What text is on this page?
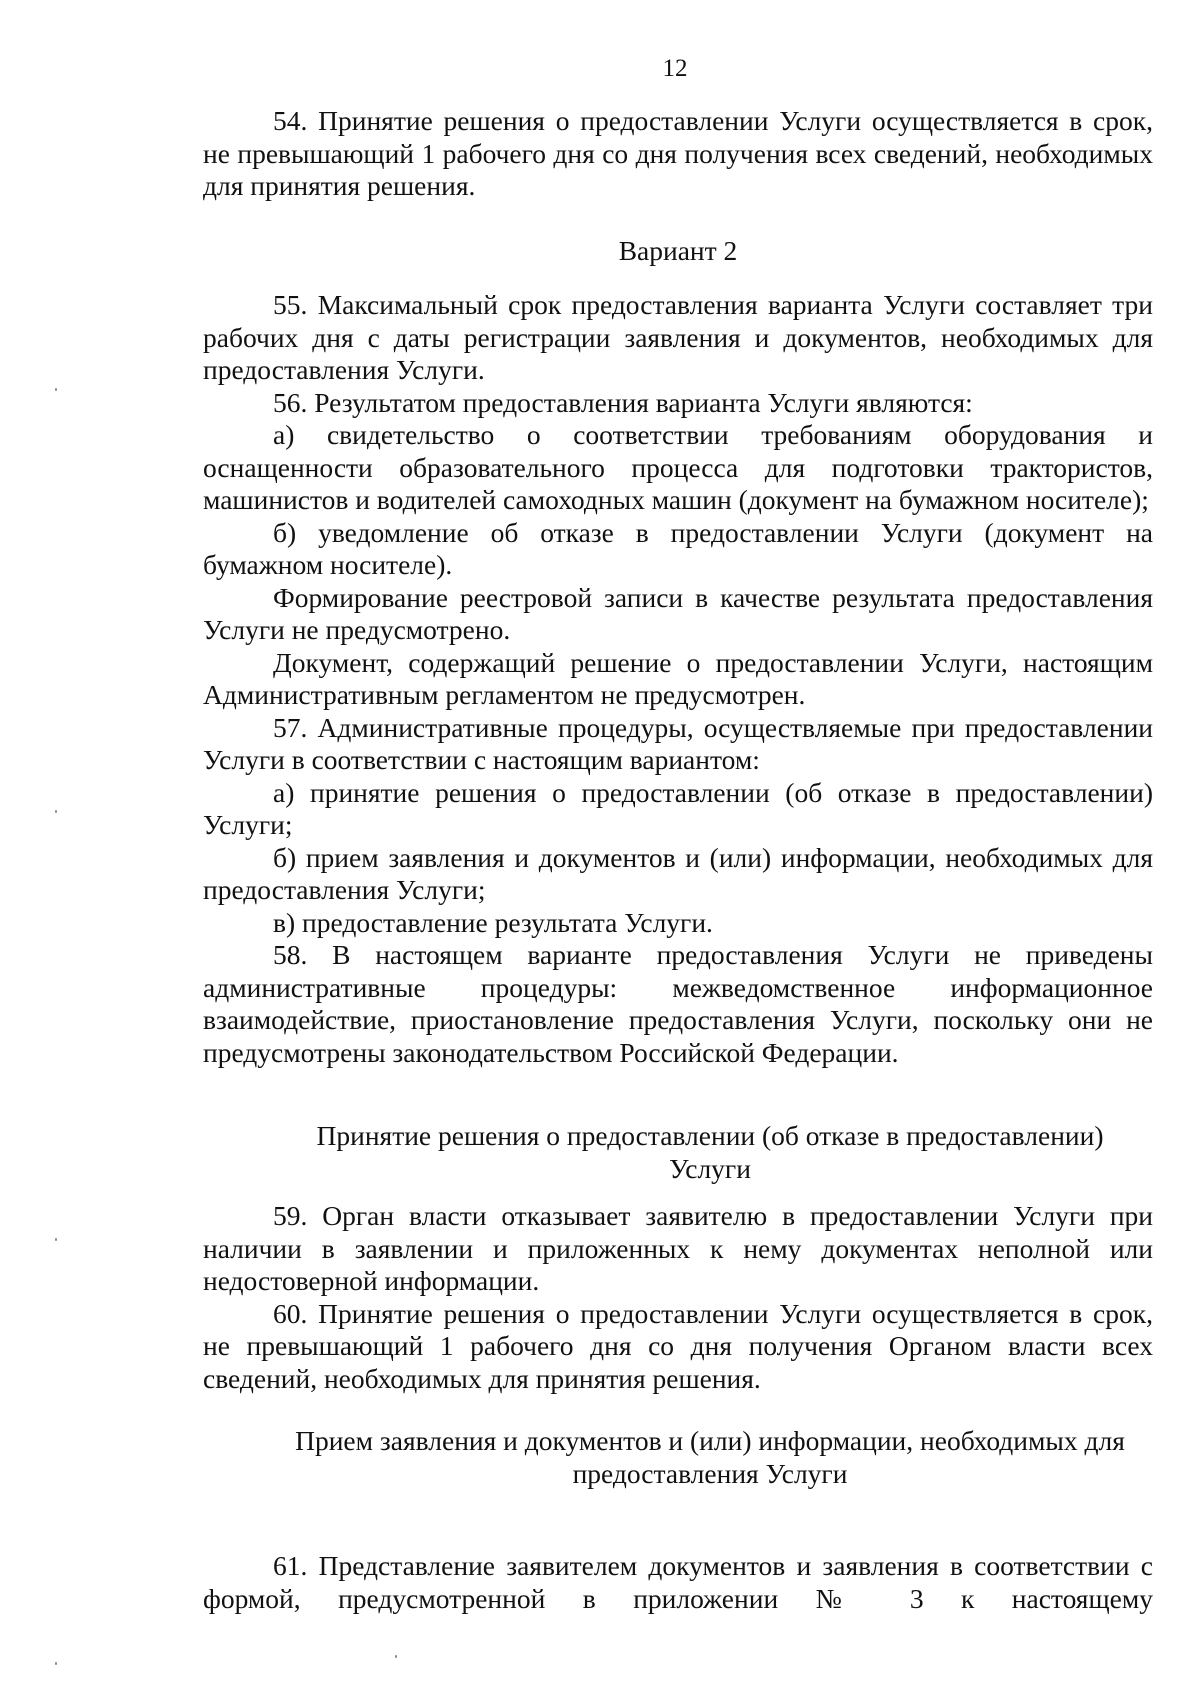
12

54. Принятие решения о предоставлении Услуги осуществляется в срок, не превышающий 1 рабочего дня со дня получения всех сведений, необходимых для принятия решения.

Вариант 2

55. Максимальный срок предоставления варианта Услуги составляет три рабочих дня с даты регистрации заявления и документов, необходимых для предоставления Услуги.

56. Результатом предоставления варианта Услуги являются:

а) свидетельство о соответствии требованиям оборудования и оснащенности образовательного процесса для подготовки трактористов, машинистов и водителей самоходных машин (документ на бумажном носителе);

б) уведомление об отказе в предоставлении Услуги (документ на бумажном носителе).

Формирование реестровой записи в качестве результата предоставления Услуги не предусмотрено.

Документ, содержащий решение о предоставлении Услуги, настоящим Административным регламентом не предусмотрен.

57. Административные процедуры, осуществляемые при предоставлении Услуги в соответствии с настоящим вариантом:

а) принятие решения о предоставлении (об отказе в предоставлении) Услуги;

б) прием заявления и документов и (или) информации, необходимых для предоставления Услуги;

в) предоставление результата Услуги.

58. В настоящем варианте предоставления Услуги не приведены административные процедуры: межведомственное информационное взаимодействие, приостановление предоставления Услуги, поскольку они не предусмотрены законодательством Российской Федерации.

Принятие решения о предоставлении (об отказе в предоставлении) Услуги

59. Орган власти отказывает заявителю в предоставлении Услуги при наличии в заявлении и приложенных к нему документах неполной или недостоверной информации.

60. Принятие решения о предоставлении Услуги осуществляется в срок, не превышающий 1 рабочего дня со дня получения Органом власти всех сведений, необходимых для принятия решения.

Прием заявления и документов и (или) информации, необходимых для предоставления Услуги

61. Представление заявителем документов и заявления в соответствии с формой, предусмотренной в приложении № 3 к настоящему
